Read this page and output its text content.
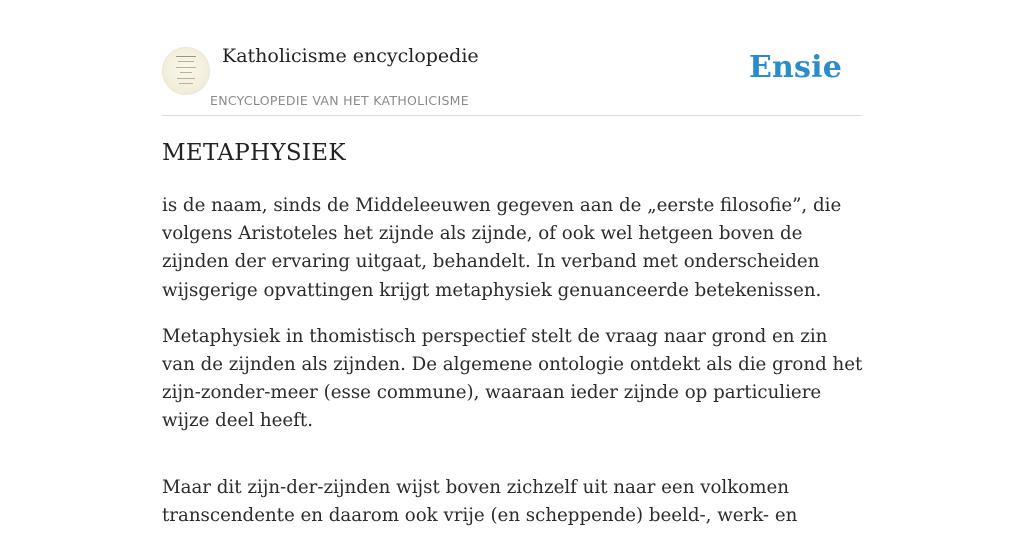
Katholicisme encyclopedie
ENCYCLOPEDIE VAN HET KATHOLICISME
Ensie
METAPHYSIEK

is de naam, sinds de Middeleeuwen gegeven aan de „eerste filosofie”, die volgens Aristoteles het zijnde als zijnde, of ook wel hetgeen boven de zijnden der ervaring uitgaat, behandelt. In verband met onderscheiden wijsgerige opvattingen krijgt metaphysiek genuanceerde betekenissen.

Metaphysiek in thomistisch perspectief stelt de vraag naar grond en zin van de zijnden als zijnden. De algemene ontologie ontdekt als die grond het zijn-zonder-meer (esse commune), waaraan ieder zijnde op particuliere wijze deel heeft.

Maar dit zijn-der-zijnden wijst boven zichzelf uit naar een volkomen transcendente en daarom ook vrije (en scheppende) beeld-, werk- en
